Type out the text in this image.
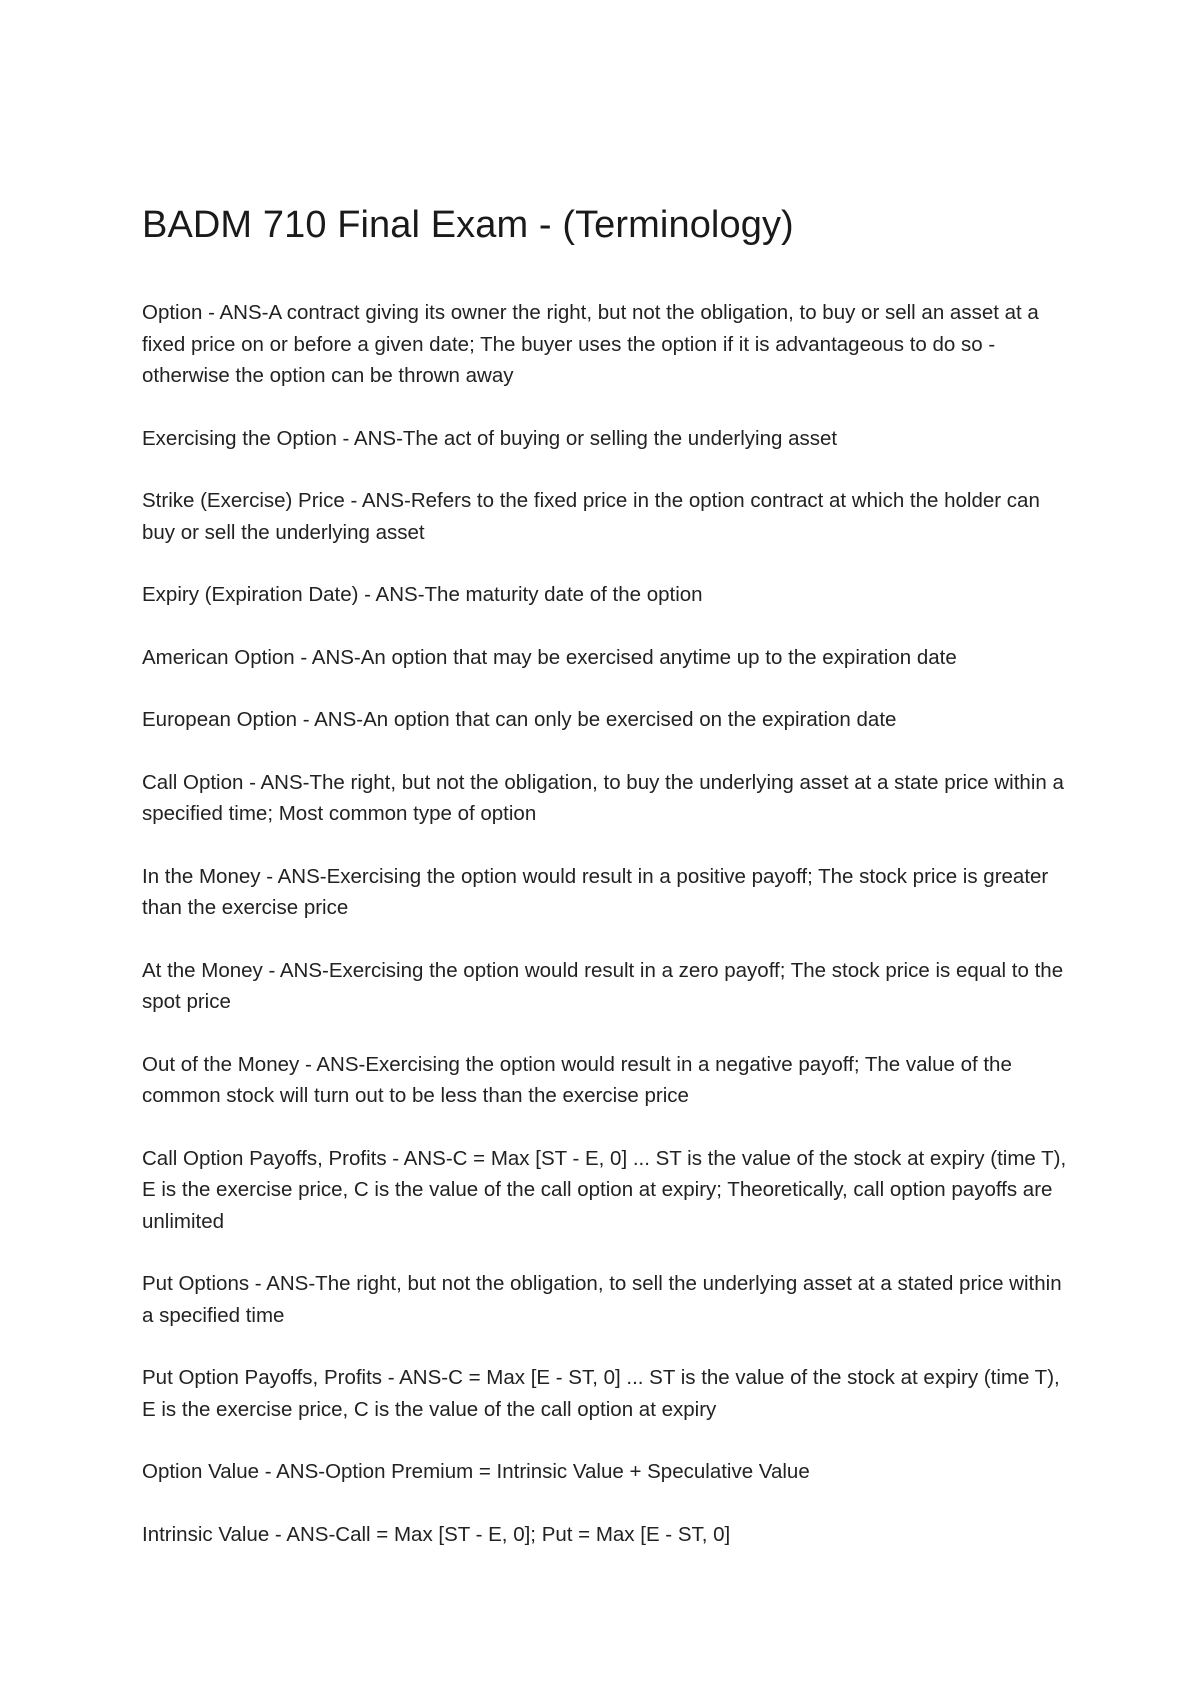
BADM 710 Final Exam - (Terminology)

Option - ANS-A contract giving its owner the right, but not the obligation, to buy or sell an asset at a fixed price on or before a given date; The buyer uses the option if it is advantageous to do so - otherwise the option can be thrown away

Exercising the Option - ANS-The act of buying or selling the underlying asset

Strike (Exercise) Price - ANS-Refers to the fixed price in the option contract at which the holder can buy or sell the underlying asset

Expiry (Expiration Date) - ANS-The maturity date of the option

American Option - ANS-An option that may be exercised anytime up to the expiration date

European Option - ANS-An option that can only be exercised on the expiration date

Call Option - ANS-The right, but not the obligation, to buy the underlying asset at a state price within a specified time; Most common type of option

In the Money - ANS-Exercising the option would result in a positive payoff; The stock price is greater than the exercise price

At the Money - ANS-Exercising the option would result in a zero payoff; The stock price is equal to the spot price

Out of the Money - ANS-Exercising the option would result in a negative payoff; The value of the common stock will turn out to be less than the exercise price

Call Option Payoffs, Profits - ANS-C = Max [ST - E, 0] ... ST is the value of the stock at expiry (time T), E is the exercise price, C is the value of the call option at expiry; Theoretically, call option payoffs are unlimited

Put Options - ANS-The right, but not the obligation, to sell the underlying asset at a stated price within a specified time

Put Option Payoffs, Profits - ANS-C = Max [E - ST, 0] ... ST is the value of the stock at expiry (time T), E is the exercise price, C is the value of the call option at expiry

Option Value - ANS-Option Premium = Intrinsic Value + Speculative Value

Intrinsic Value - ANS-Call = Max [ST - E, 0]; Put = Max [E - ST, 0]
